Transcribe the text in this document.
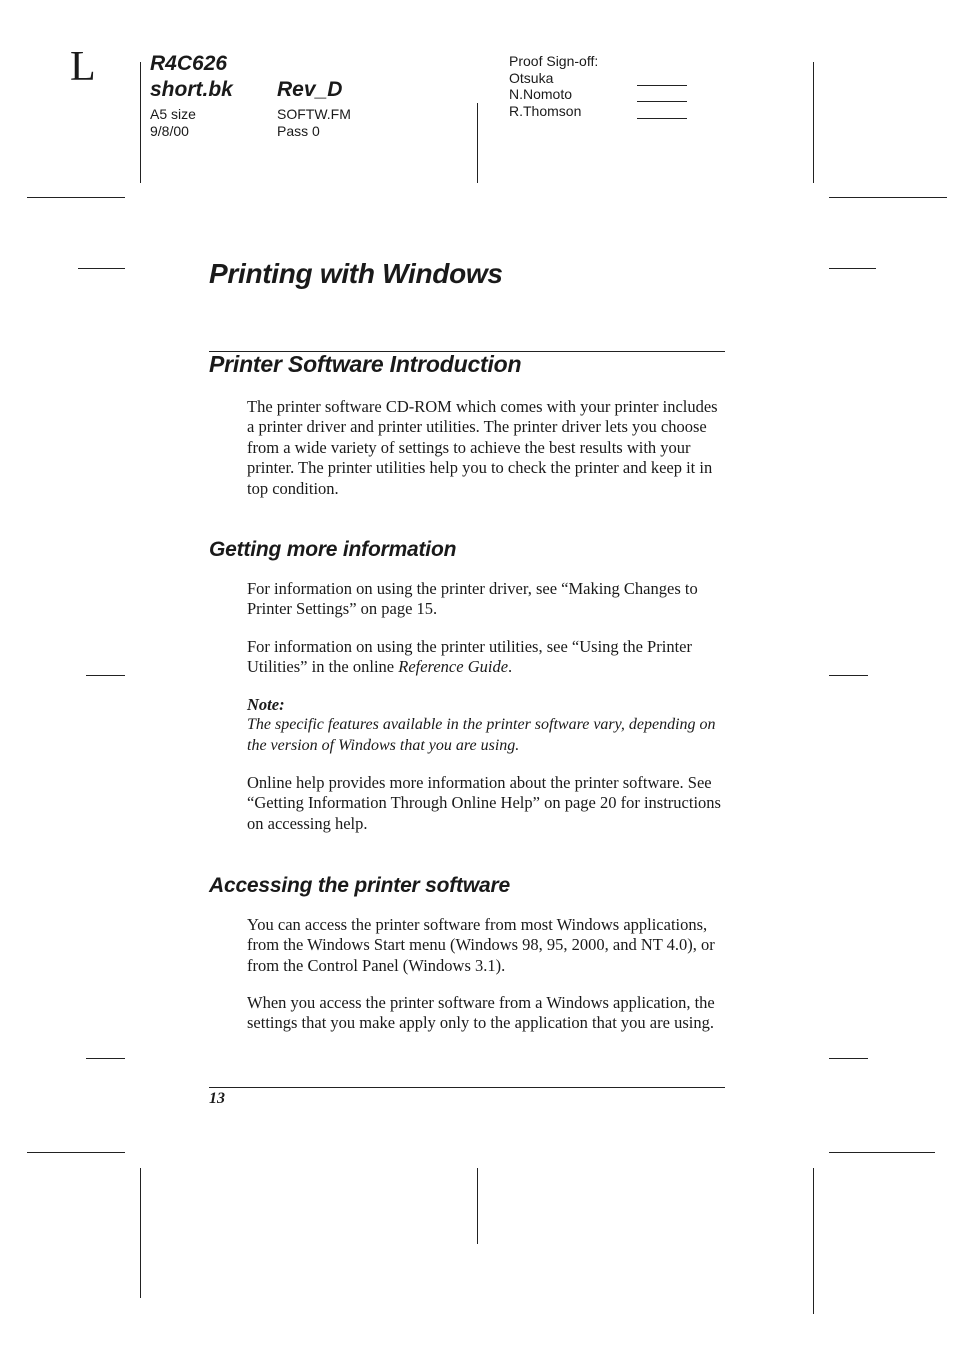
L	R4C626
short.bk Rev_D
A5 size
9/8/00
SOFTW.FM
Pass 0
Proof Sign-off:
Otsuka
N.Nomoto
R.Thomson
Printing with Windows
Printer Software Introduction
The printer software CD-ROM which comes with your printer includes a printer driver and printer utilities. The printer driver lets you choose from a wide variety of settings to achieve the best results with your printer. The printer utilities help you to check the printer and keep it in top condition.
Getting more information
For information on using the printer driver, see “Making Changes to Printer Settings” on page 15.
For information on using the printer utilities, see “Using the Printer Utilities” in the online Reference Guide.
Note:
The specific features available in the printer software vary, depending on the version of Windows that you are using.
Online help provides more information about the printer software. See “Getting Information Through Online Help” on page 20 for instructions on accessing help.
Accessing the printer software
You can access the printer software from most Windows applications, from the Windows Start menu (Windows 98, 95, 2000, and NT 4.0), or from the Control Panel (Windows 3.1).
When you access the printer software from a Windows application, the settings that you make apply only to the application that you are using.
13
